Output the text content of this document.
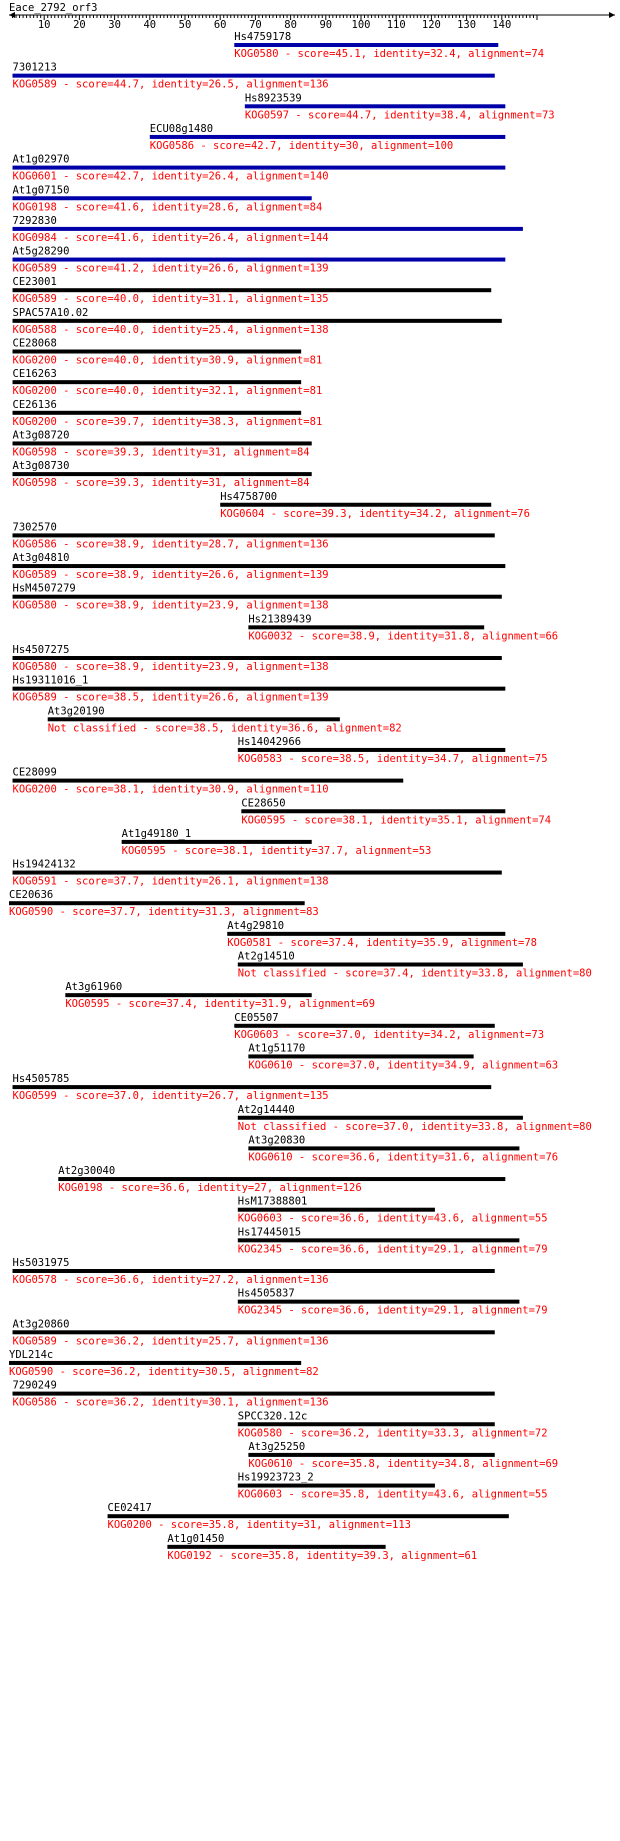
Eace_2792_orf3
10 20 30 40 50 60 70 80 90 100 110 120 130 140
Hs4759178
KOG0580 - score=45.1, identity=32.4, alignment=74
7301213
KOG0589 - score=44.7, identity=26.5, alignment=136
Hs8923539
KOG0597 - score=44.7, identity=38.4, alignment=73
ECU08g1480
KOG0586 - score=42.7, identity=30, alignment=100
At1g02970
KOG0601 - score=42.7, identity=26.4, alignment=140
At1g07150
KOG0198 - score=41.6, identity=28.6, alignment=84
7292830
KOG0984 - score=41.6, identity=26.4, alignment=144
At5g28290
KOG0589 - score=41.2, identity=26.6, alignment=139
CE23001
KOG0589 - score=40.0, identity=31.1, alignment=135
SPAC57A10.02
KOG0588 - score=40.0, identity=25.4, alignment=138
CE28068
KOG0200 - score=40.0, identity=30.9, alignment=81
CE16263
KOG0200 - score=40.0, identity=32.1, alignment=81
CE26136
KOG0200 - score=39.7, identity=38.3, alignment=81
At3g08720
KOG0598 - score=39.3, identity=31, alignment=84
At3g08730
KOG0598 - score=39.3, identity=31, alignment=84
Hs4758700
KOG0604 - score=39.3, identity=34.2, alignment=76
7302570
KOG0586 - score=38.9, identity=28.7, alignment=136
At3g04810
KOG0589 - score=38.9, identity=26.6, alignment=139
HsM4507279
KOG0580 - score=38.9, identity=23.9, alignment=138
Hs21389439
KOG0032 - score=38.9, identity=31.8, alignment=66
Hs4507275
KOG0580 - score=38.9, identity=23.9, alignment=138
Hs19311016_1
KOG0589 - score=38.5, identity=26.6, alignment=139
At3g20190
Not classified - score=38.5, identity=36.6, alignment=82
Hs14042966
KOG0583 - score=38.5, identity=34.7, alignment=75
CE28099
KOG0200 - score=38.1, identity=30.9, alignment=110
CE28650
KOG0595 - score=38.1, identity=35.1, alignment=74
At1g49180_1
KOG0595 - score=38.1, identity=37.7, alignment=53
Hs19424132
KOG0591 - score=37.7, identity=26.1, alignment=138
CE20636
KOG0590 - score=37.7, identity=31.3, alignment=83
At4g29810
KOG0581 - score=37.4, identity=35.9, alignment=78
At2g14510
Not classified - score=37.4, identity=33.8, alignment=80
At3g61960
KOG0595 - score=37.4, identity=31.9, alignment=69
CE05507
KOG0603 - score=37.0, identity=34.2, alignment=73
At1g51170
KOG0610 - score=37.0, identity=34.9, alignment=63
Hs4505785
KOG0599 - score=37.0, identity=26.7, alignment=135
At2g14440
Not classified - score=37.0, identity=33.8, alignment=80
At3g20830
KOG0610 - score=36.6, identity=31.6, alignment=76
At2g30040
KOG0198 - score=36.6, identity=27, alignment=126
HsM17388801
KOG0603 - score=36.6, identity=43.6, alignment=55
Hs17445015
KOG2345 - score=36.6, identity=29.1, alignment=79
Hs5031975
KOG0578 - score=36.6, identity=27.2, alignment=136
Hs4505837
KOG2345 - score=36.6, identity=29.1, alignment=79
At3g20860
KOG0589 - score=36.2, identity=25.7, alignment=136
YDL214c
KOG0590 - score=36.2, identity=30.5, alignment=82
7290249
KOG0586 - score=36.2, identity=30.1, alignment=136
SPCC320.12c
KOG0580 - score=36.2, identity=33.3, alignment=72
At3g25250
KOG0610 - score=35.8, identity=34.8, alignment=69
Hs19923723_2
KOG0603 - score=35.8, identity=43.6, alignment=55
CE02417
KOG0200 - score=35.8, identity=31, alignment=113
At1g01450
KOG0192 - score=35.8, identity=39.3, alignment=61
